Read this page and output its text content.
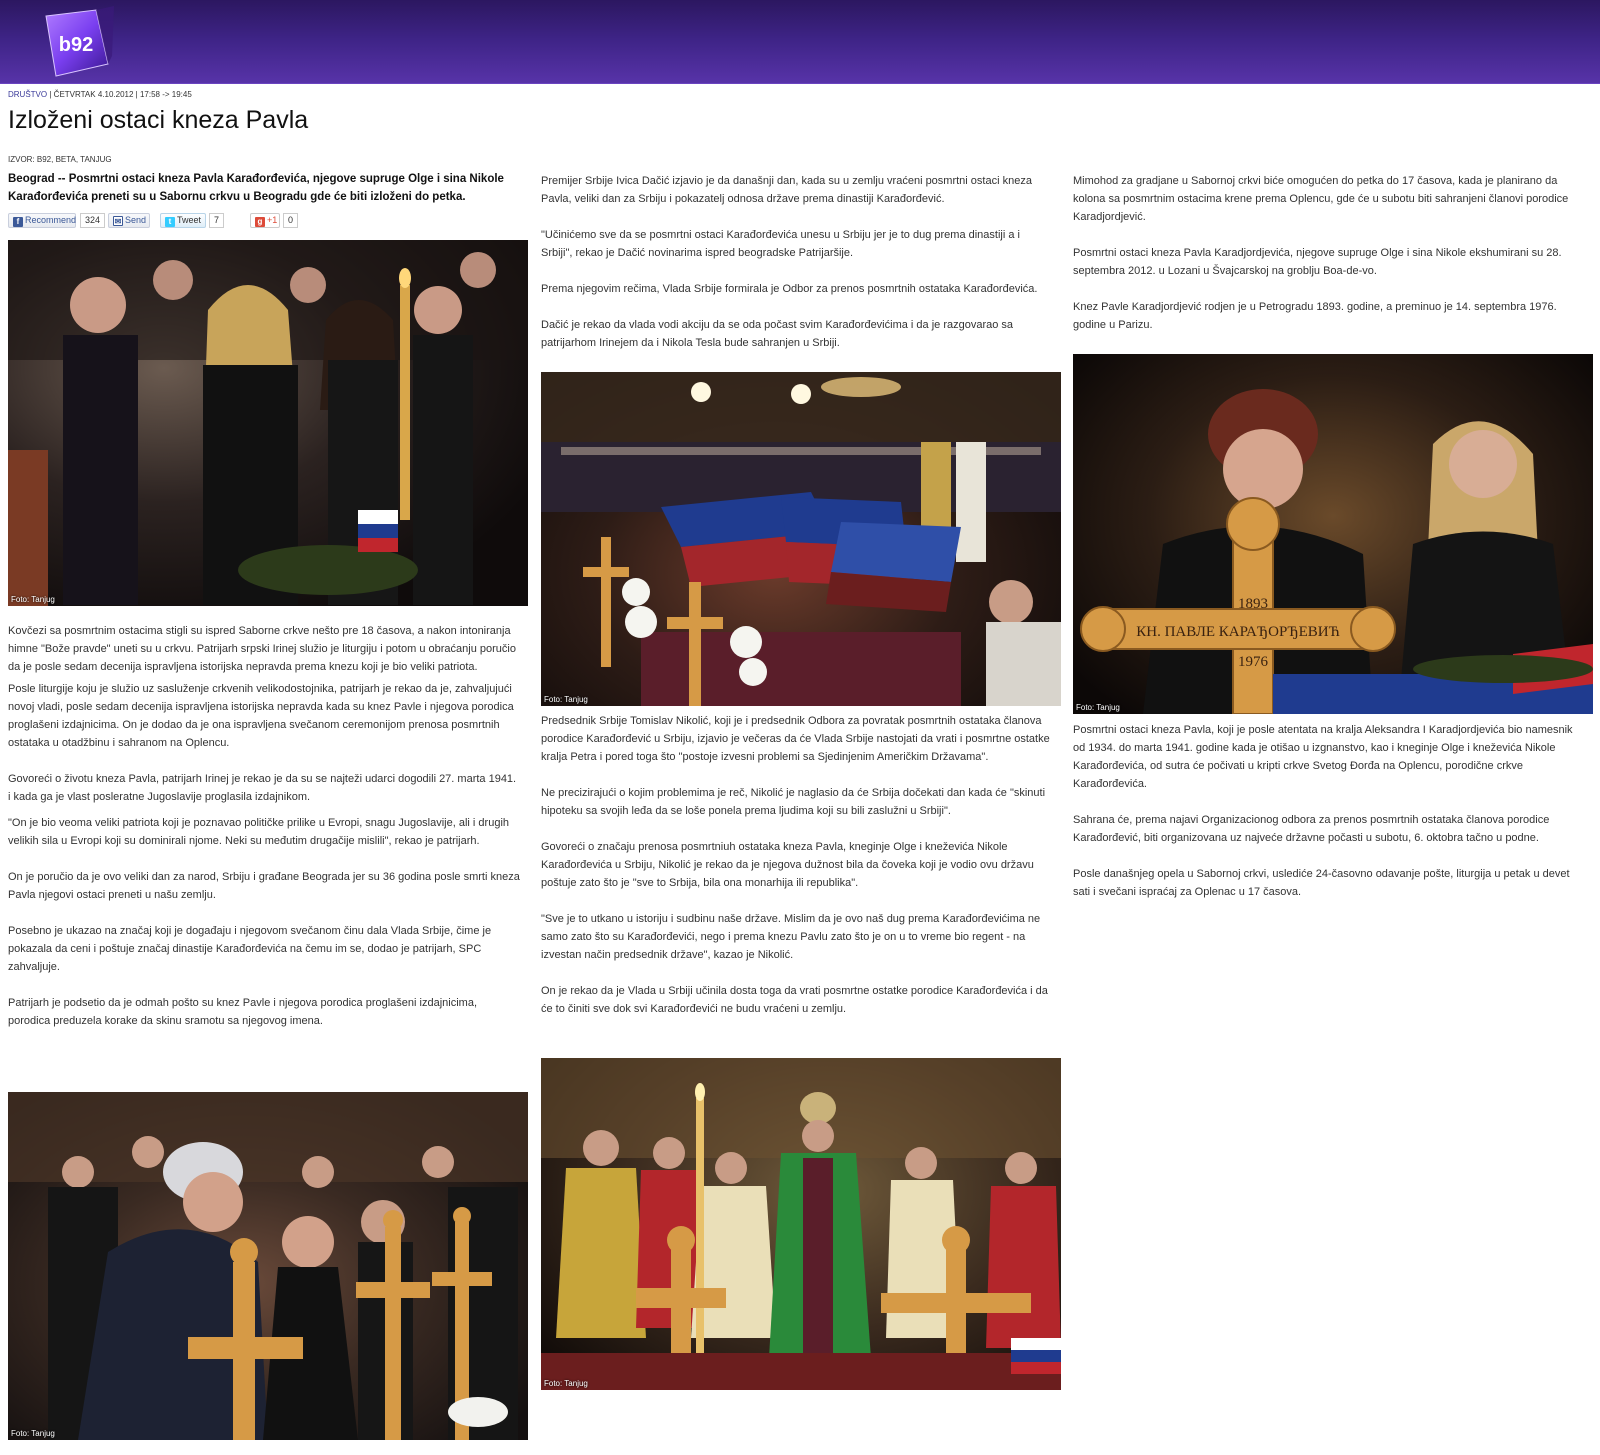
b92
DRUŠTVO | ČETVRTAK 4.10.2012 | 17:58 -> 19:45
Izloženi ostaci kneza Pavla
IZVOR: B92, BETA, TANJUG
Beograd -- Posmrtni ostaci kneza Pavla Karađorđevića, njegove supruge Olge i sina Nikole Karađorđevića preneti su u Sabornu crkvu u Beogradu gde će biti izloženi do petka.
f Recommend 324	✉ Send	t Tweet	7	g +1	0
Foto: Tanjug

Kovčezi sa posmrtnim ostacima stigli su ispred Saborne crkve nešto pre 18 časova, a nakon intoniranja himne "Bože pravde" uneti su u crkvu. Patrijarh srpski Irinej služio je liturgiju i potom u obraćanju poručio da je posle sedam decenija ispravljena istorijska nepravda prema knezu koji je bio veliki patriota.

Posle liturgije koju je služio uz sasluženje crkvenih velikodostojnika, patrijarh je rekao da je, zahvaljujući novoj vladi, posle sedam decenija ispravljena istorijska nepravda kada su knez Pavle i njegova porodica proglašeni izdajnicima. On je dodao da je ona ispravljena svečanom ceremonijom prenosa posmrtnih ostataka u otadžbinu i sahranom na Oplencu.

Govoreći o životu kneza Pavla, patrijarh Irinej je rekao je da su se najteži udarci dogodili 27. marta 1941. i kada ga je vlast posleratne Jugoslavije proglasila izdajnikom.

"On je bio veoma veliki patriota koji je poznavao političke prilike u Evropi, snagu Jugoslavije, ali i drugih velikih sila u Evropi koji su dominirali njome. Neki su međutim drugačije mislili", rekao je patrijarh.

On je poručio da je ovo veliki dan za narod, Srbiju i građane Beograda jer su 36 godina posle smrti kneza Pavla njegovi ostaci preneti u našu zemlju.

Posebno je ukazao na značaj koji je događaju i njegovom svečanom činu dala Vlada Srbije, čime je pokazala da ceni i poštuje značaj dinastije Karađorđevića na čemu im se, dodao je patrijarh, SPC zahvaljuje.

Patrijarh je podsetio da je odmah pošto su knez Pavle i njegova porodica proglašeni izdajnicima, porodica preduzela korake da skinu sramotu sa njegovog imena.

Foto: Tanjug

Premijer Srbije Ivica Dačić izjavio je da današnji dan, kada su u zemlju vraćeni posmrtni ostaci kneza Pavla, veliki dan za Srbiju i pokazatelj odnosa države prema dinastiji Karađorđević.

"Učinićemo sve da se posmrtni ostaci Karađorđevića unesu u Srbiju jer je to dug prema dinastiji a i Srbiji", rekao je Dačić novinarima ispred beogradske Patrijaršije.

Prema njegovim rečima, Vlada Srbije formirala je Odbor za prenos posmrtnih ostataka Karađorđevića.

Dačić je rekao da vlada vodi akciju da se oda počast svim Karađorđevićima i da je razgovarao sa patrijarhom Irinejem da i Nikola Tesla bude sahranjen u Srbiji.

Foto: Tanjug

Predsednik Srbije Tomislav Nikolić, koji je i predsednik Odbora za povratak posmrtnih ostataka članova porodice Karađorđević u Srbiju, izjavio je večeras da će Vlada Srbije nastojati da vrati i posmrtne ostatke kralja Petra i pored toga što "postoje izvesni problemi sa Sjedinjenim Američkim Državama".

Ne precizirajući o kojim problemima je reč, Nikolić je naglasio da će Srbija dočekati dan kada će "skinuti hipoteku sa svojih leđa da se loše ponela prema ljudima koji su bili zaslužni u Srbiji".

Govoreći o značaju prenosa posmrtniuh ostataka kneza Pavla, kneginje Olge i kneževića Nikole Karađorđevića u Srbiju, Nikolić je rekao da je njegova dužnost bila da čoveka koji je vodio ovu državu poštuje zato što je "sve to Srbija, bila ona monarhija ili republika".

"Sve je to utkano u istoriju i sudbinu naše države. Mislim da je ovo naš dug prema Karađorđevićima ne samo zato što su Karađorđevići, nego i prema knezu Pavlu zato što je on u to vreme bio regent - na izvestan način predsednik države", kazao je Nikolić.

On je rekao da je Vlada u Srbiji učinila dosta toga da vrati posmrtne ostatke porodice Karađorđevića i da će to činiti sve dok svi Karađorđevići ne budu vraćeni u zemlju.

Foto: Tanjug

Mimohod za gradjane u Sabornoj crkvi biće omogućen do petka do 17 časova, kada je planirano da kolona sa posmrtnim ostacima krene prema Oplencu, gde će u subotu biti sahranjeni članovi porodice Karadjordjević.

Posmrtni ostaci kneza Pavla Karadjordjevića, njegove supruge Olge i sina Nikole ekshumirani su 28. septembra 2012. u Lozani u Švajcarskoj na groblju Boa-de-vo.

Knez Pavle Karadjordjević rodjen je u Petrogradu 1893. godine, a preminuo je 14. septembra 1976. godine u Parizu.

1893
КН. ПАВЛЕ КАРАЂОРЂЕВИЋ
1976
Foto: Tanjug

Posmrtni ostaci kneza Pavla, koji je posle atentata na kralja Aleksandra I Karadjordjevića bio namesnik od 1934. do marta 1941. godine kada je otišao u izgnanstvo, kao i kneginje Olge i kneževića Nikole Karađorđevića, od sutra će počivati u kripti crkve Svetog Đorđa na Oplencu, porodične crkve Karađorđevića.

Sahrana će, prema najavi Organizacionog odbora za prenos posmrtnih ostataka članova porodice Karađorđević, biti organizovana uz najveće državne počasti u subotu, 6. oktobra tačno u podne.

Posle današnjeg opela u Sabornoj crkvi, uslediće 24-časovno odavanje pošte, liturgija u petak u devet sati i svečani ispraćaj za Oplenac u 17 časova.
